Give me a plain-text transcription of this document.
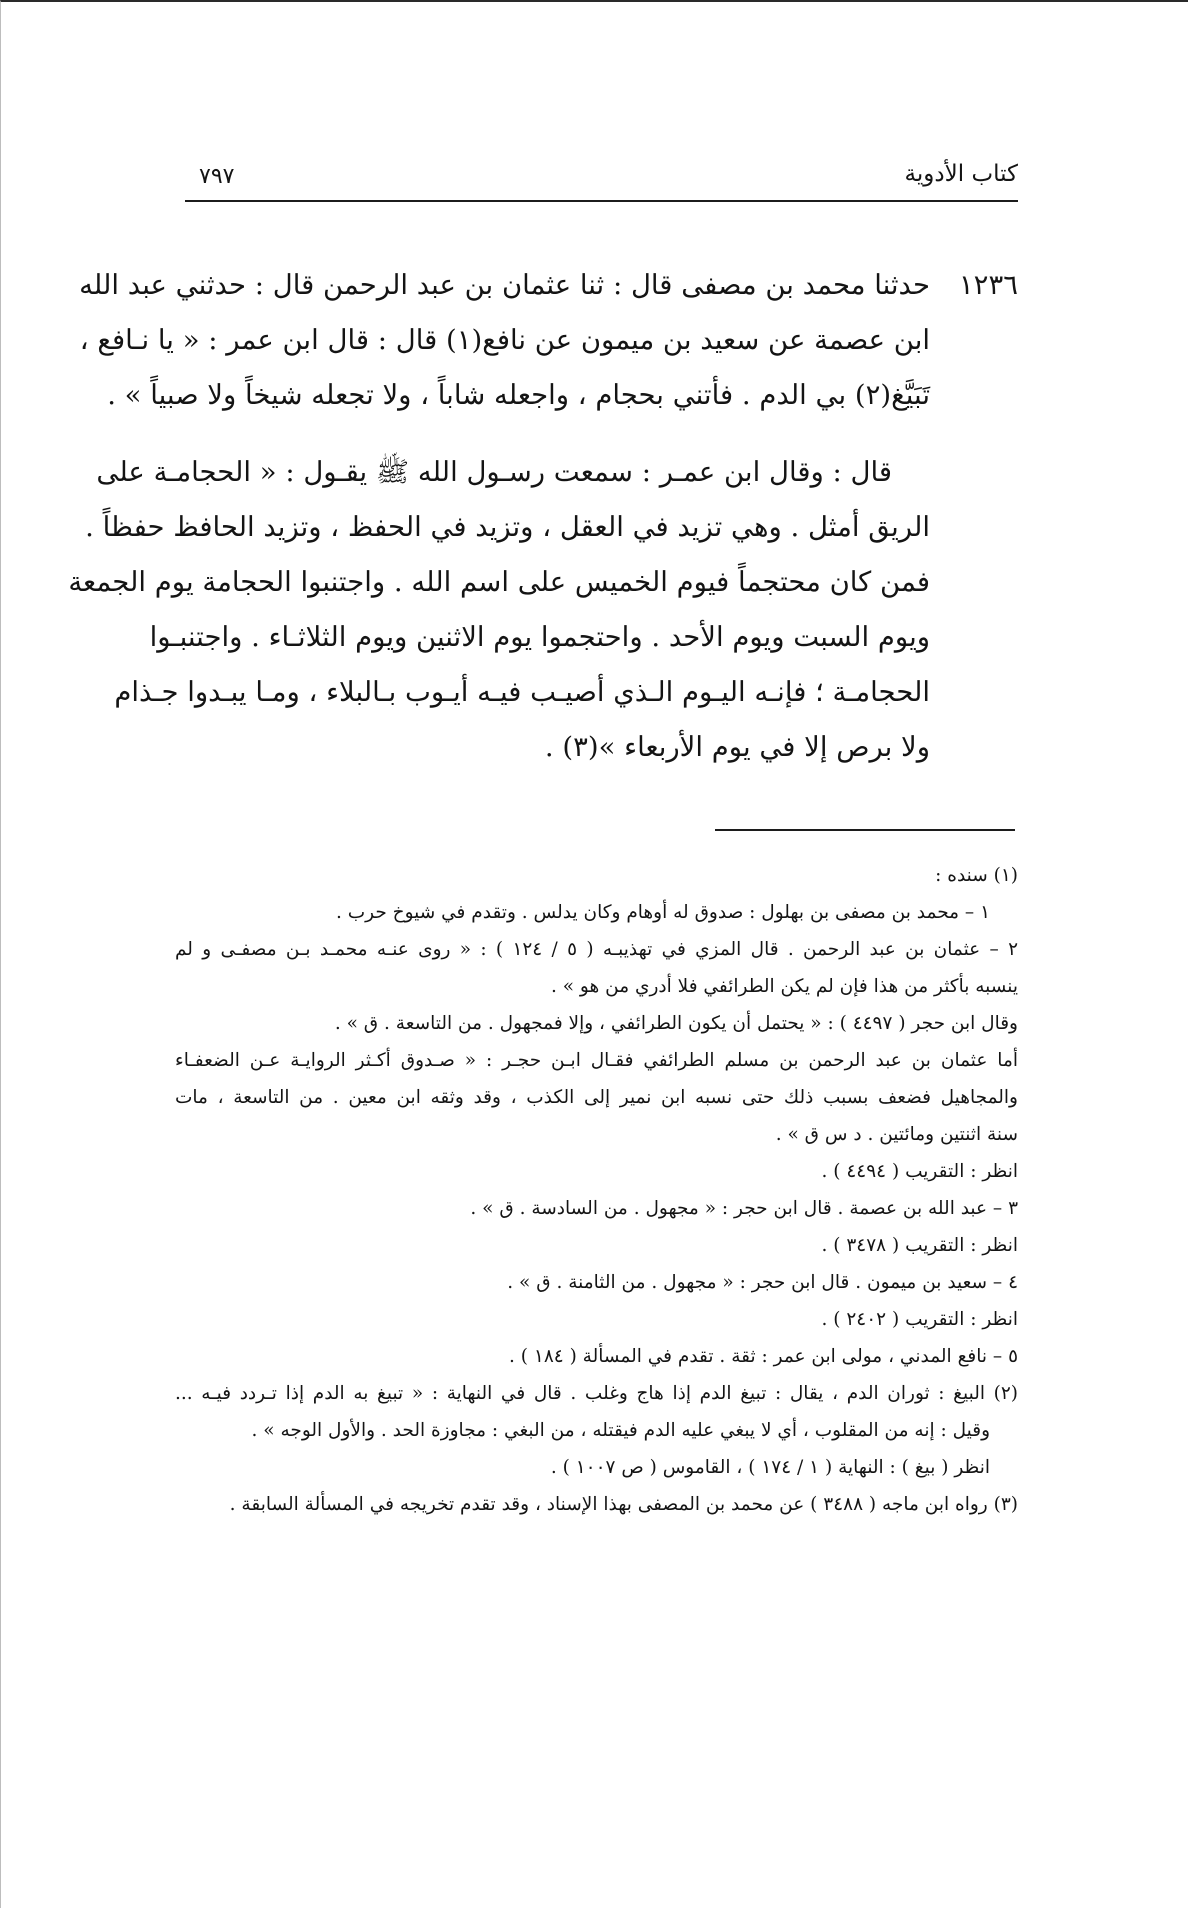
كتاب الأدوية
٧٩٧
١٢٣٦
حدثنا محمد بن مصفى قال : ثنا عثمان بن عبد الرحمن قال : حدثني عبد الله
ابن عصمة عن سعيد بن ميمون عن نافع(١) قال : قال ابن عمر : « يا نـافع ،
تَبَيَّغ(٢) بي الدم . فأتني بحجام ، واجعله شاباً ، ولا تجعله شيخاً ولا صبياً » .
قال : وقال ابن عمـر : سمعت رسـول الله ﷺ يقـول : « الحجامـة على
الريق أمثل . وهي تزيد في العقل ، وتزيد في الحفظ ، وتزيد الحافظ حفظاً .
فمن كان محتجماً فيوم الخميس على اسم الله . واجتنبوا الحجامة يوم الجمعة
ويوم السبت ويوم الأحد . واحتجموا يوم الاثنين ويوم الثلاثـاء . واجتنبـوا
الحجامـة ؛ فإنـه اليـوم الـذي أصيـب فيـه أيـوب بـالبلاء ، ومـا يبـدوا جـذام
ولا برص إلا في يوم الأربعاء »(٣) .
(١) سنده :
١ – محمد بن مصفى بن بهلول : صدوق له أوهام وكان يدلس . وتقدم في شيوخ حرب .
٢ – عثمان بن عبد الرحمن . قال المزي في تهذيبـه ( ٥ / ١٢٤ ) : « روى عنـه محمـد بـن مصفـى و لم
ينسبه بأكثر من هذا فإن لم يكن الطرائفي فلا أدري من هو » .
وقال ابن حجر ( ٤٤٩٧ ) : « يحتمل أن يكون الطرائفي ، وإلا فمجهول . من التاسعة . ق » .
أما عثمان بن عبد الرحمن بن مسلم الطرائفي فقـال ابـن حجـر : « صـدوق أكـثر الروايـة عـن الضعفـاء
والمجاهيل فضعف بسبب ذلك حتى نسبه ابن نمير إلى الكذب ، وقد وثقه ابن معين . من التاسعة ، مات
سنة اثنتين ومائتين . د س ق » .
انظر : التقريب ( ٤٤٩٤ ) .
٣ – عبد الله بن عصمة . قال ابن حجر : « مجهول . من السادسة . ق » .
انظر : التقريب ( ٣٤٧٨ ) .
٤ – سعيد بن ميمون . قال ابن حجر : « مجهول . من الثامنة . ق » .
انظر : التقريب ( ٢٤٠٢ ) .
٥ – نافع المدني ، مولى ابن عمر : ثقة . تقدم في المسألة ( ١٨٤ ) .
(٢) البيغ : ثوران الدم ، يقال : تبيغ الدم إذا هاج وغلب . قال في النهاية : « تبيغ به الدم إذا تـردد فيـه ...
وقيل : إنه من المقلوب ، أي لا يبغي عليه الدم فيقتله ، من البغي : مجاوزة الحد . والأول الوجه » .
انظر ( بيغ ) : النهاية ( ١ / ١٧٤ ) ، القاموس ( ص ١٠٠٧ ) .
(٣) رواه ابن ماجه ( ٣٤٨٨ ) عن محمد بن المصفى بهذا الإسناد ، وقد تقدم تخريجه في المسألة السابقة .
